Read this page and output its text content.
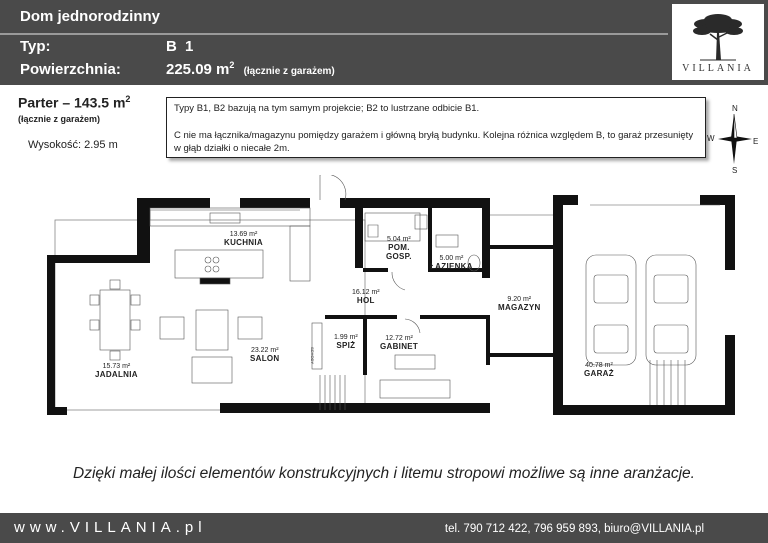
Dom jednorodzinny
Typ:	B 1
Powierzchnia:	225.09 $m^2$ (łącznie z garażem)	VILLANIA
Parter – 143.5 $m^2$
(łącznie z garażem)
Wysokość: 2.95 m
Typy B1, B2 bazują na tym samym projekcie; B2 to lustrzane odbicie B1.
C nie ma łącznika/magazynu pomiędzy garażem i główną bryłą budynku. Kolejna różnica względem B, to garaż przesunięty w głąb działki o niecałe 2m.
N
S
W	E
13.69 m²
KUCHNIA	5.04 m²
POM.
GOSP.	5.00 m²
ŁAZIENKA
16.12 m²
HOL	9.20 m²
MAGAZYN
1.99 m²
SPIŻ
12.72 m²
GABINET
23.22 m²
SALON
15.73 m²
JADALNIA
40.78 m²
GARAŻ
SCHODY
Dzięki małej ilości elementów konstrukcyjnych i litemu stropowi możliwe są inne aranżacje.
www.VILLANIA.pl	tel. 790 712 422, 796 959 893, biuro@VILLANIA.pl
